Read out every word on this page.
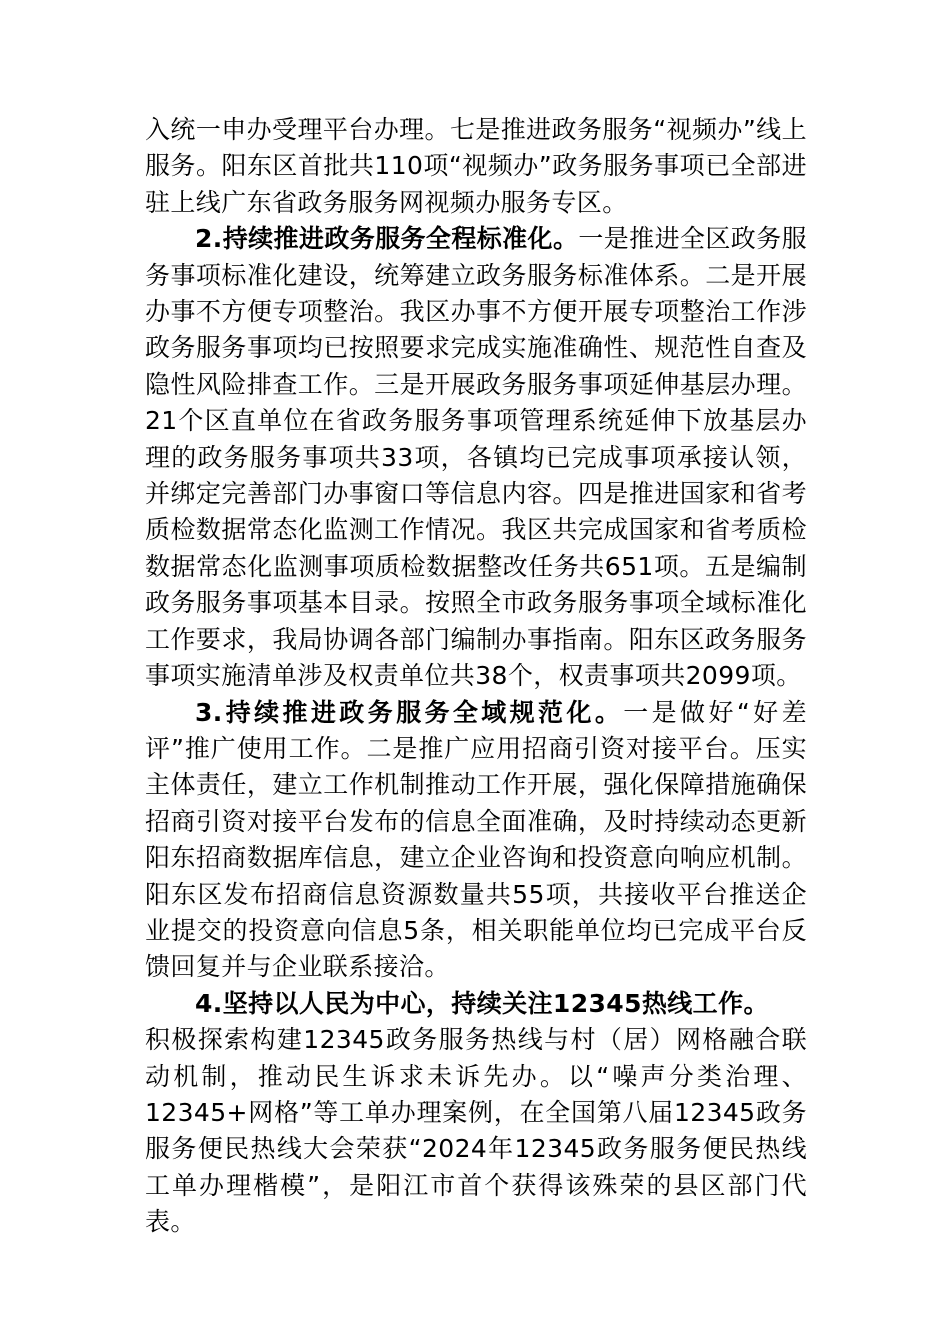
入统一申办受理平台办理。七是推进政务服务“视频办”线上服务。阳东区首批共110项“视频办”政务服务事项已全部进驻上线广东省政务服务网视频办服务专区。

2.持续推进政务服务全程标准化。一是推进全区政务服务事项标准化建设，统筹建立政务服务标准体系。二是开展办事不方便专项整治。我区办事不方便开展专项整治工作涉政务服务事项均已按照要求完成实施准确性、规范性自查及隐性风险排查工作。三是开展政务服务事项延伸基层办理。21个区直单位在省政务服务事项管理系统延伸下放基层办理的政务服务事项共33项，各镇均已完成事项承接认领，并绑定完善部门办事窗口等信息内容。四是推进国家和省考质检数据常态化监测工作情况。我区共完成国家和省考质检数据常态化监测事项质检数据整改任务共651项。五是编制政务服务事项基本目录。按照全市政务服务事项全域标准化工作要求，我局协调各部门编制办事指南。阳东区政务服务事项实施清单涉及权责单位共38个，权责事项共2099项。

3.持续推进政务服务全域规范化。一是做好“好差评”推广使用工作。二是推广应用招商引资对接平台。压实主体责任，建立工作机制推动工作开展，强化保障措施确保招商引资对接平台发布的信息全面准确，及时持续动态更新阳东招商数据库信息，建立企业咨询和投资意向响应机制。阳东区发布招商信息资源数量共55项，共接收平台推送企业提交的投资意向信息5条，相关职能单位均已完成平台反馈回复并与企业联系接洽。

4.坚持以人民为中心，持续关注12345热线工作。

积极探索构建12345政务服务热线与村（居）网格融合联动机制，推动民生诉求未诉先办。以“噪声分类治理、12345+网格”等工单办理案例，在全国第八届12345政务服务便民热线大会荣获“2024年12345政务服务便民热线工单办理楷模”，是阳江市首个获得该殊荣的县区部门代表。
